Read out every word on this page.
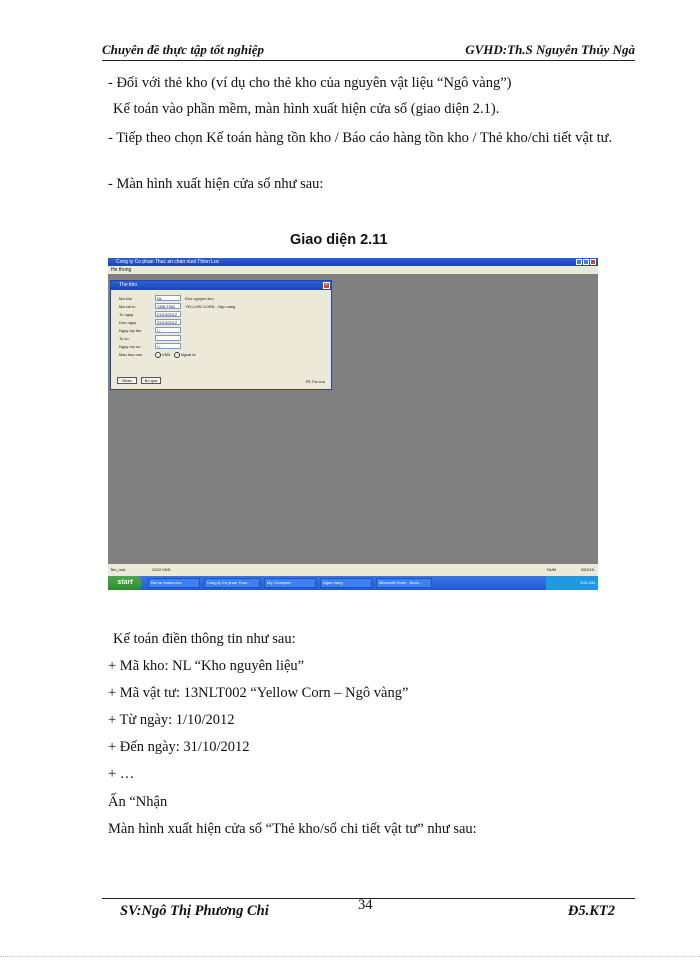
Chuyên đề thực tập tốt nghiệp	GVHD:Th.S Nguyễn Thúy Ngà
- Đối với thẻ kho (ví dụ cho thẻ kho của nguyên vật liệu “Ngô vàng”)
Kế toán vào phần mềm, màn hình xuất hiện cửa sổ (giao diện 2.1).
- Tiếp theo chọn Kế toán hàng tồn kho / Báo cáo hàng tồn kho / Thẻ kho/chi tiết vật tư.
- Màn hình xuất hiện cửa sổ như sau:
Giao diện 2.11
Cong ty Co phan Thuc an chan nuoi Thien Loc
He thong
The kho	×
Ma kho	NL	Kho nguyen lieu
Ma vat tu	13NLT002	YELLOW CORN - Ngo vang
Tu ngay	01/10/2012
Den ngay	31/10/2012
Ngay lap the	/ /
To so
Ngay mo so	/ /
Mau bao cao	VND	Ngoai te
Nhan	Bo qua	F5-Tra cuu
Ten_nsd	2010 VND	NUM	3/02/19
start	Bai ke hoach.doc	Cong ty Co phan Thuc...	My Computer	Ngan hang	Microsoft Excel - Book...	9:02 AM
Kế toán điền thông tin như sau:
+ Mã kho: NL “Kho nguyên liệu”
+ Mã vật tư: 13NLT002 “Yellow Corn – Ngô vàng”
+ Từ ngày: 1/10/2012
+ Đến ngày: 31/10/2012
+ …
Ấn “Nhận
Màn hình xuất hiện cửa sổ “Thẻ kho/sổ chi tiết vật tư” như sau:
SV:Ngô Thị Phương Chi	34	Đ5.KT2
